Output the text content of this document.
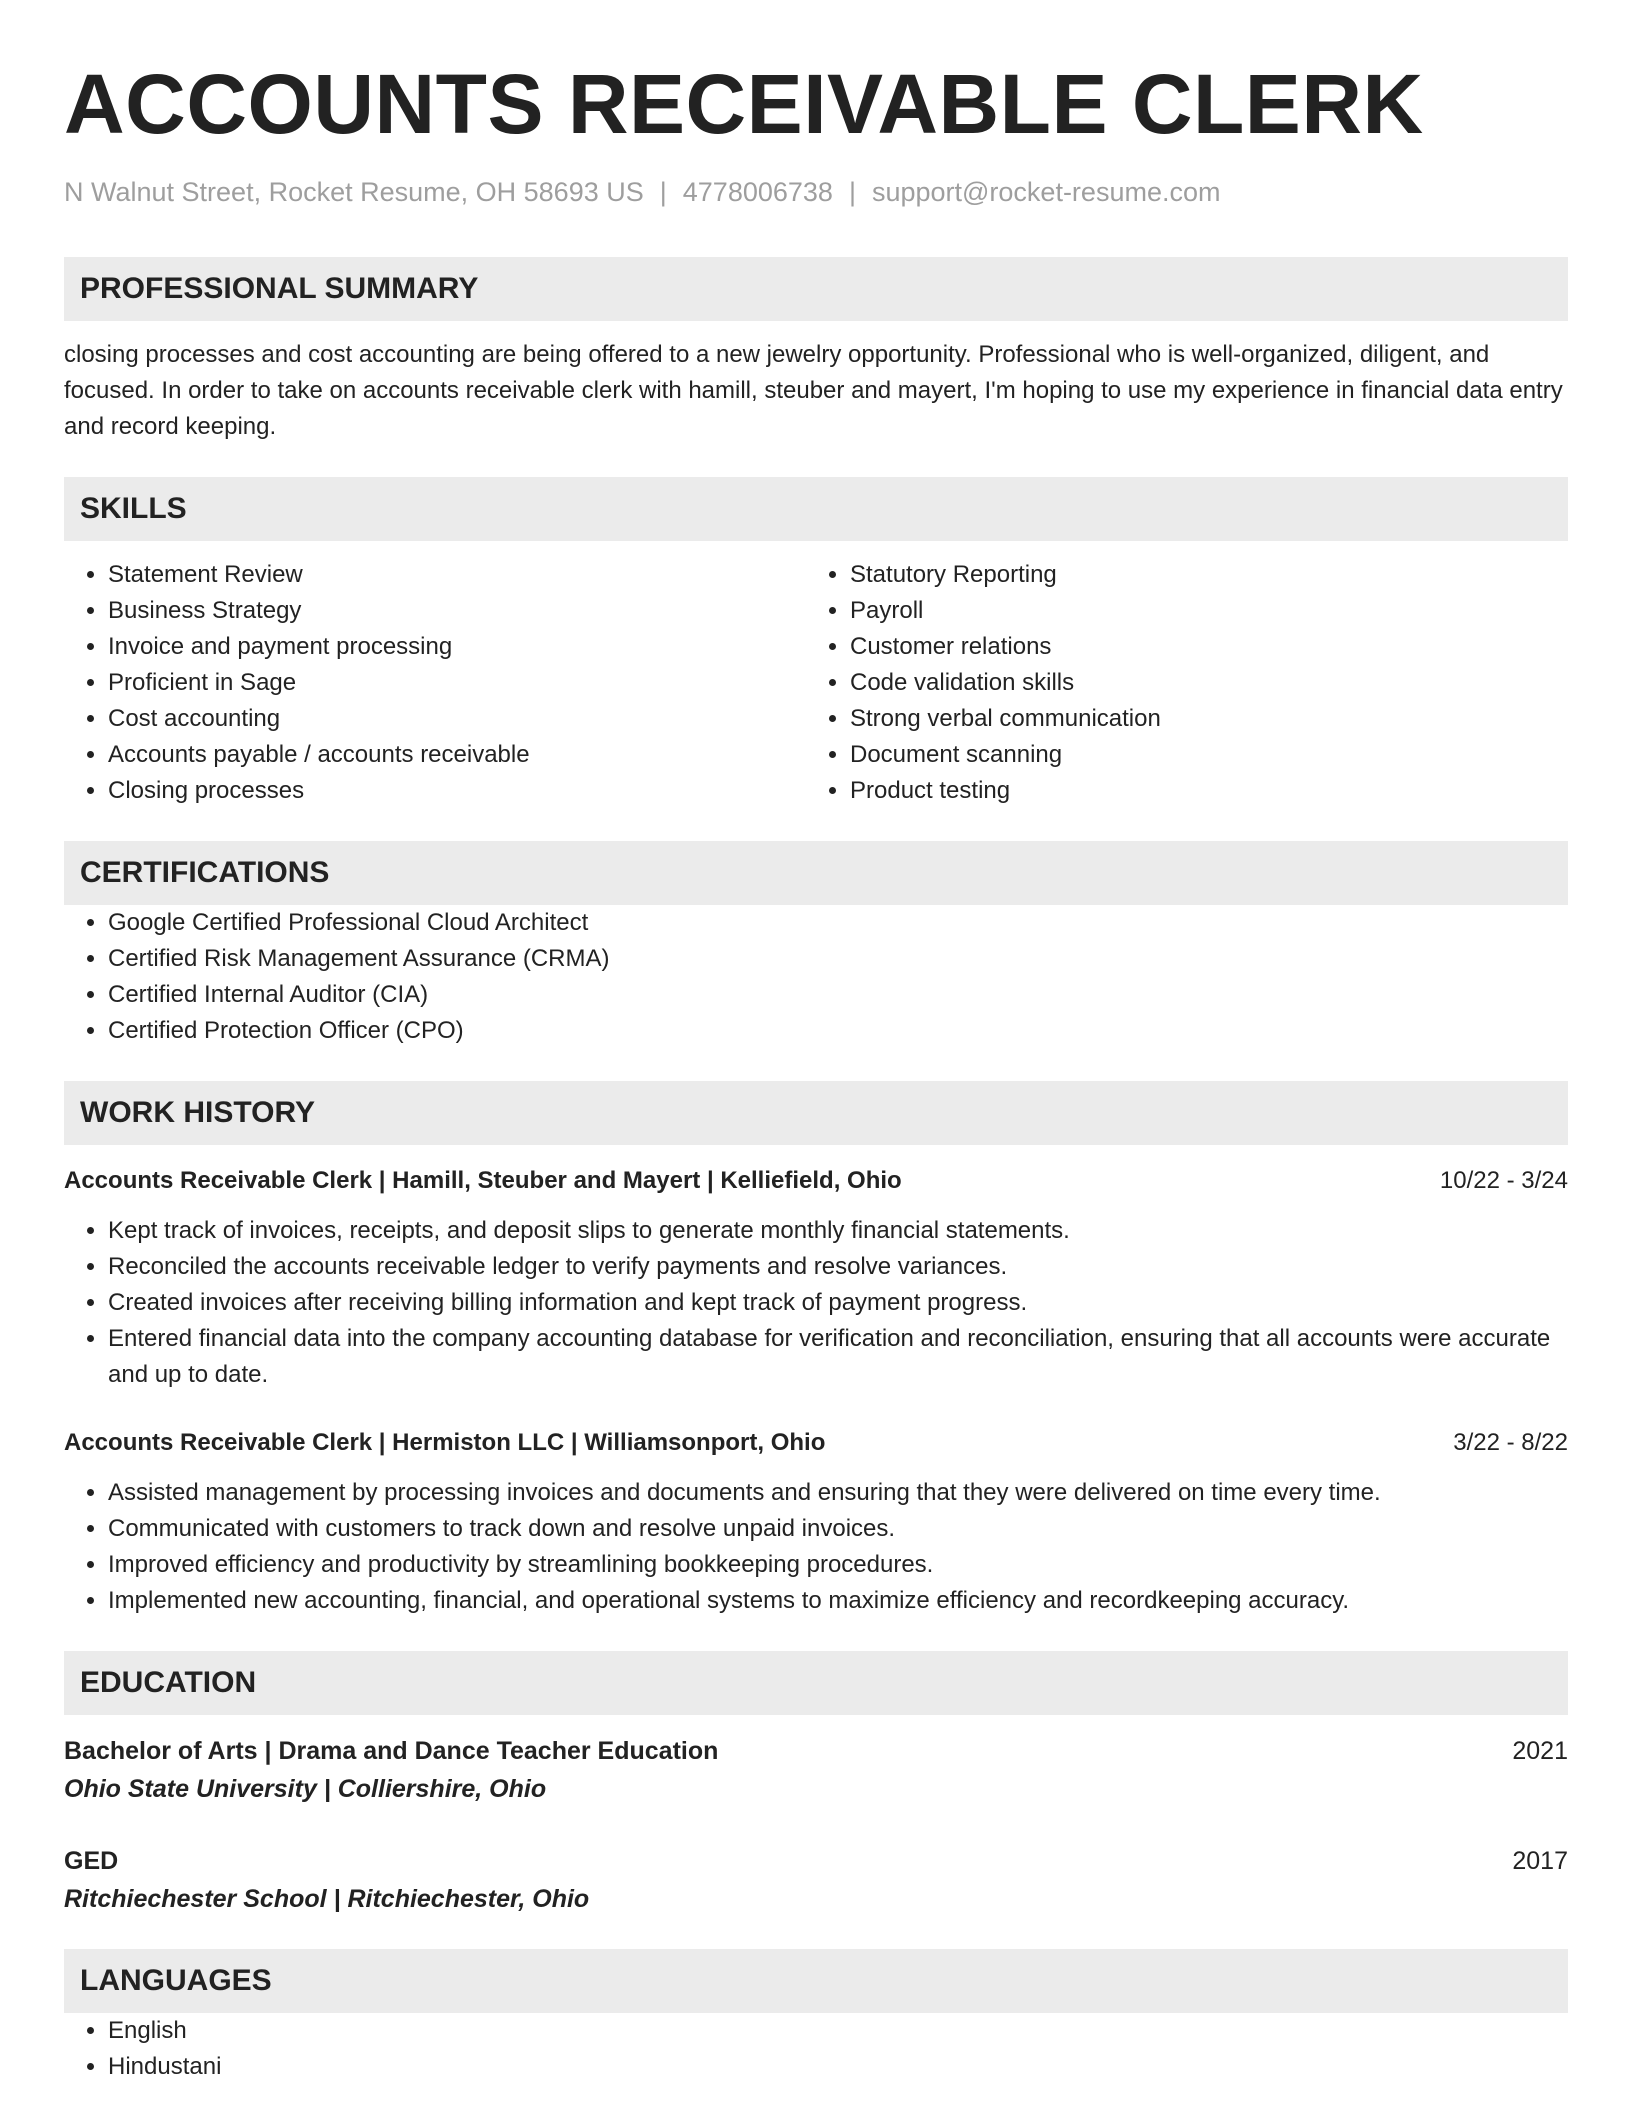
ACCOUNTS RECEIVABLE CLERK
N Walnut Street, Rocket Resume, OH 58693 US | 4778006738 | support@rocket-resume.com
PROFESSIONAL SUMMARY
closing processes and cost accounting are being offered to a new jewelry opportunity. Professional who is well-organized, diligent, and focused. In order to take on accounts receivable clerk with hamill, steuber and mayert, I'm hoping to use my experience in financial data entry and record keeping.
SKILLS
• Statement Review
• Business Strategy
• Invoice and payment processing
• Proficient in Sage
• Cost accounting
• Accounts payable / accounts receivable
• Closing processes
• Statutory Reporting
• Payroll
• Customer relations
• Code validation skills
• Strong verbal communication
• Document scanning
• Product testing
CERTIFICATIONS
• Google Certified Professional Cloud Architect
• Certified Risk Management Assurance (CRMA)
• Certified Internal Auditor (CIA)
• Certified Protection Officer (CPO)
WORK HISTORY
Accounts Receivable Clerk | Hamill, Steuber and Mayert | Kelliefield, Ohio	10/22 - 3/24
• Kept track of invoices, receipts, and deposit slips to generate monthly financial statements.
• Reconciled the accounts receivable ledger to verify payments and resolve variances.
• Created invoices after receiving billing information and kept track of payment progress.
• Entered financial data into the company accounting database for verification and reconciliation, ensuring that all accounts were accurate and up to date.
Accounts Receivable Clerk | Hermiston LLC | Williamsonport, Ohio	3/22 - 8/22
• Assisted management by processing invoices and documents and ensuring that they were delivered on time every time.
• Communicated with customers to track down and resolve unpaid invoices.
• Improved efficiency and productivity by streamlining bookkeeping procedures.
• Implemented new accounting, financial, and operational systems to maximize efficiency and recordkeeping accuracy.
EDUCATION
Bachelor of Arts | Drama and Dance Teacher Education	2021
Ohio State University | Colliershire, Ohio
GED	2017
Ritchiechester School | Ritchiechester, Ohio
LANGUAGES
• English
• Hindustani
